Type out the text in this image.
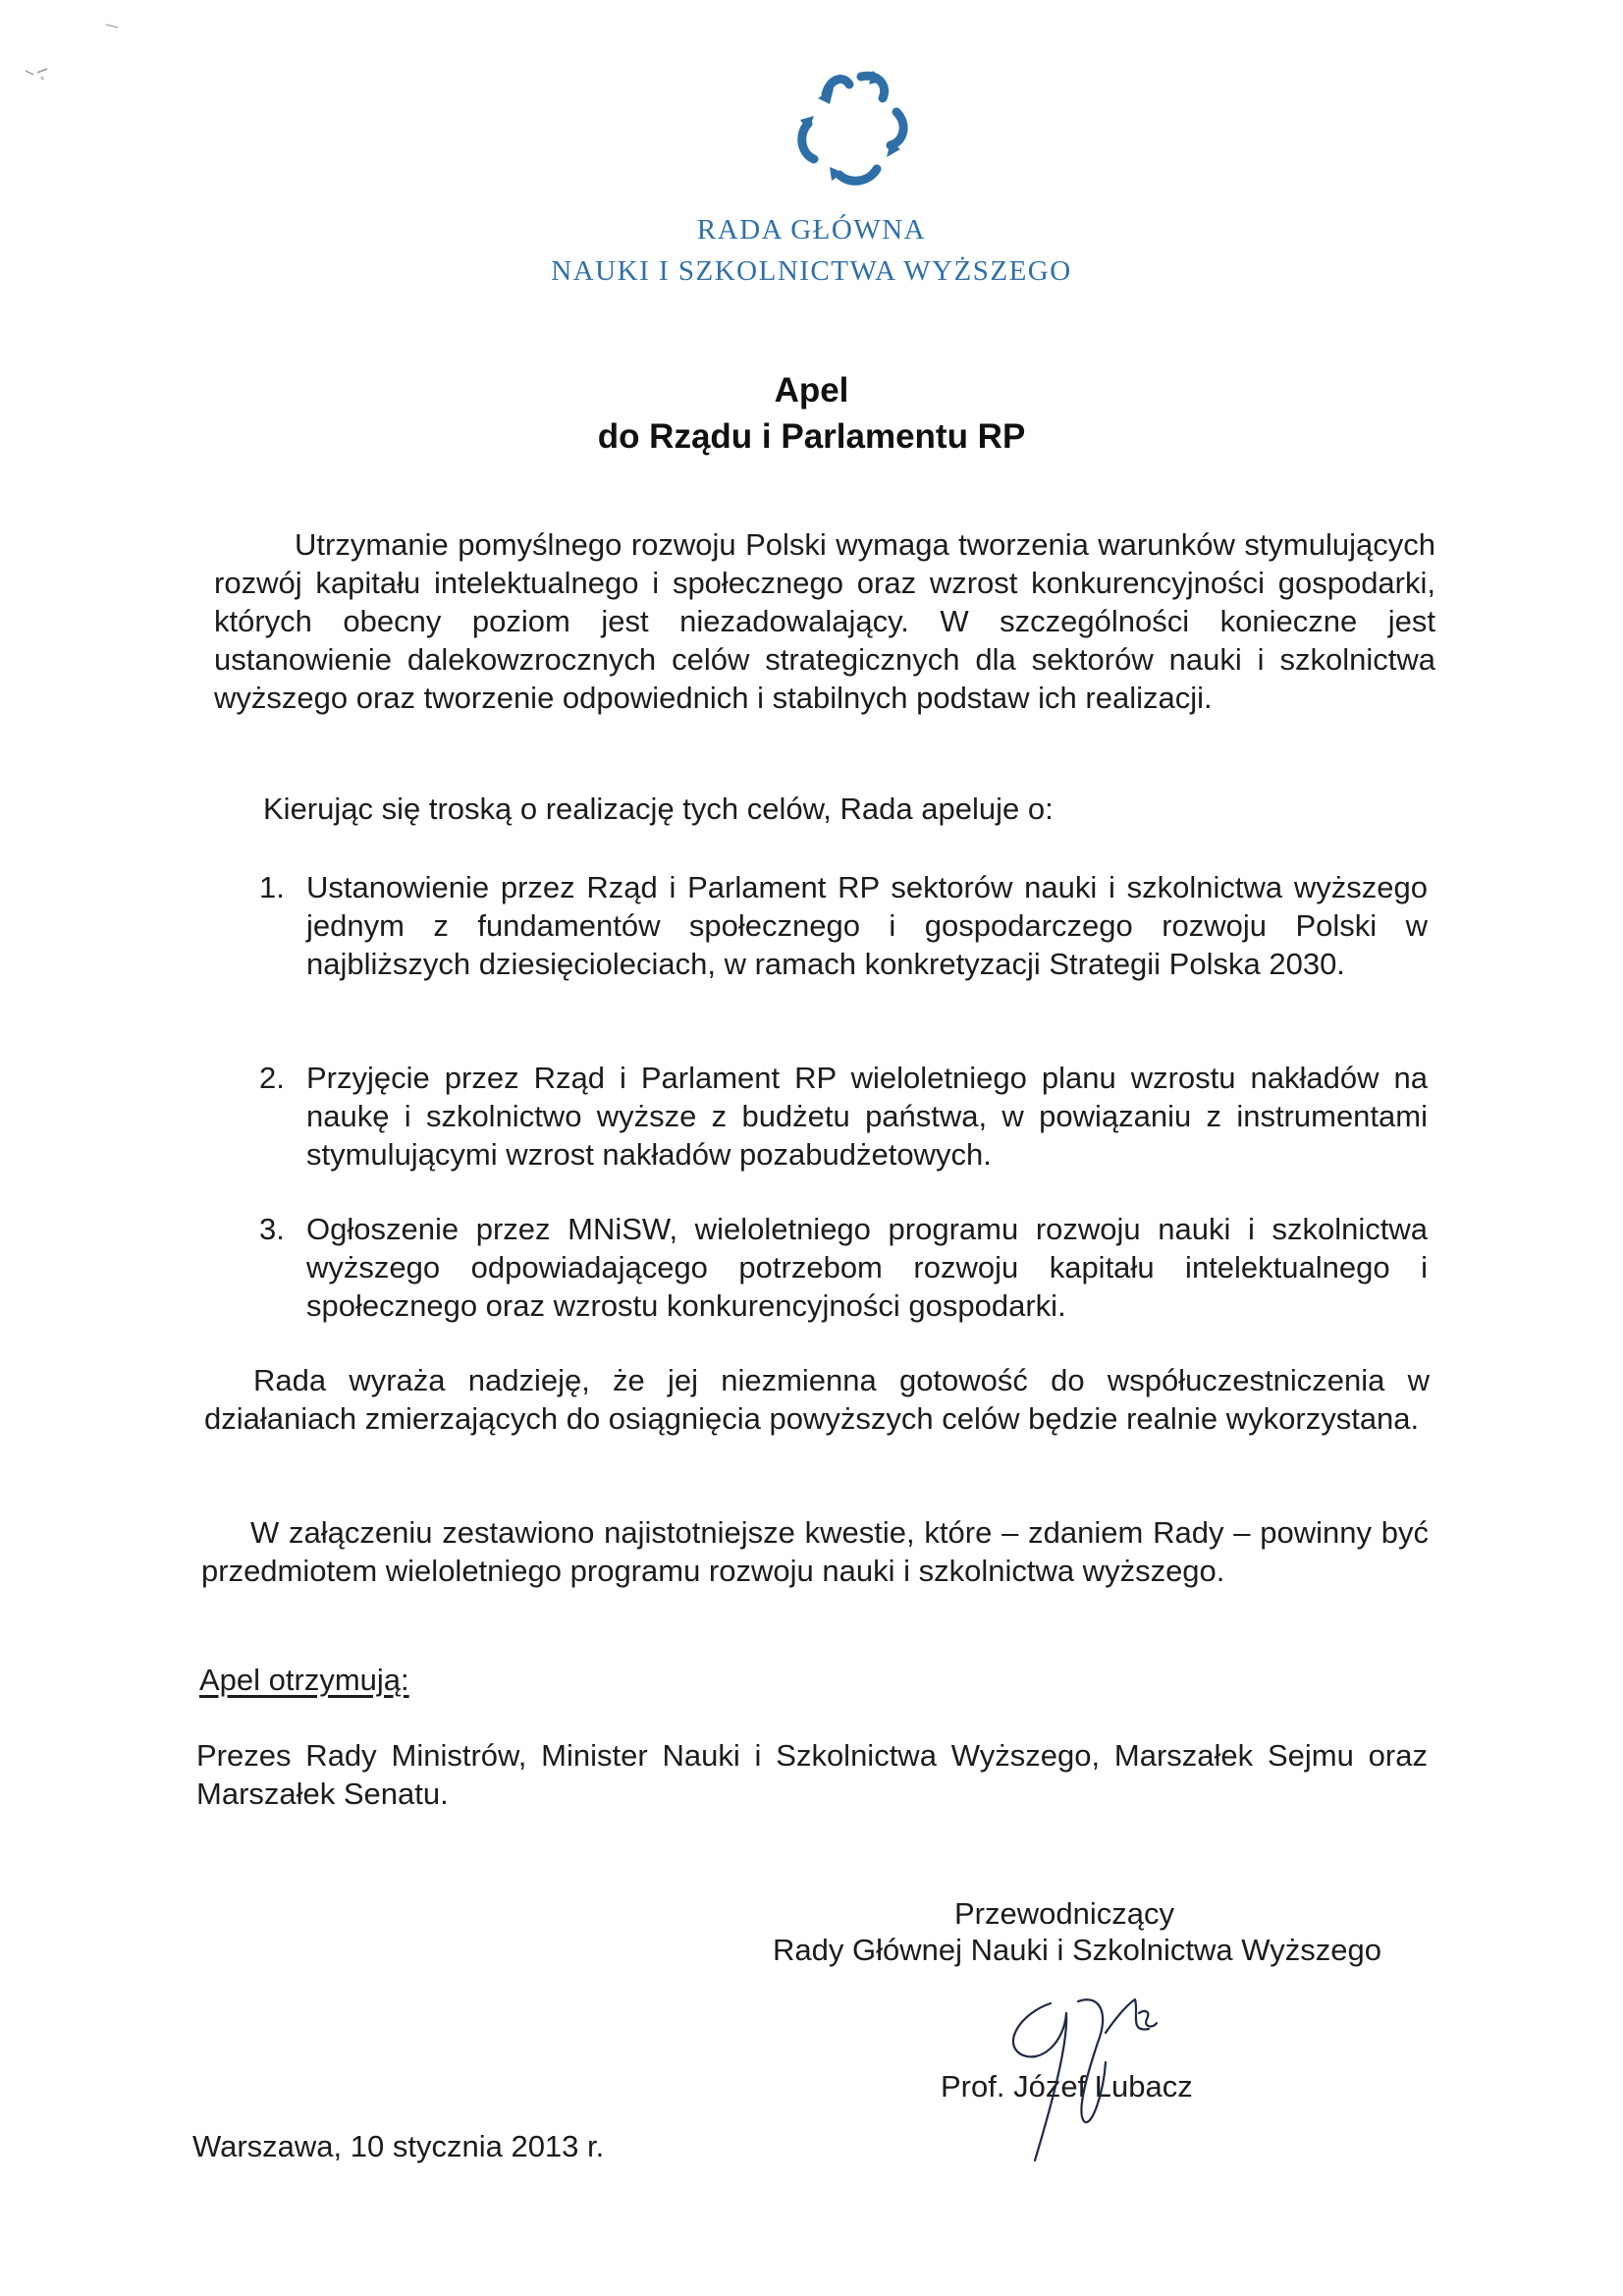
RADA GŁÓWNA
NAUKI I SZKOLNICTWA WYŻSZEGO
Apel
do Rządu i Parlamentu RP

Utrzymanie pomyślnego rozwoju Polski wymaga tworzenia warunków stymulujących rozwój kapitału intelektualnego i społecznego oraz wzrost konkurencyjności gospodarki, których obecny poziom jest niezadowalający. W szczególności konieczne jest ustanowienie dalekowzrocznych celów strategicznych dla sektorów nauki i szkolnictwa wyższego oraz tworzenie odpowiednich i stabilnych podstaw ich realizacji.

Kierując się troską o realizację tych celów, Rada apeluje o:

1. Ustanowienie przez Rząd i Parlament RP sektorów nauki i szkolnictwa wyższego jednym z fundamentów społecznego i gospodarczego rozwoju Polski w najbliższych dziesięcioleciach, w ramach konkretyzacji Strategii Polska 2030.
2. Przyjęcie przez Rząd i Parlament RP wieloletniego planu wzrostu nakładów na naukę i szkolnictwo wyższe z budżetu państwa, w powiązaniu z instrumentami stymulującymi wzrost nakładów pozabudżetowych.
3. Ogłoszenie przez MNiSW, wieloletniego programu rozwoju nauki i szkolnictwa wyższego odpowiadającego potrzebom rozwoju kapitału intelektualnego i społecznego oraz wzrostu konkurencyjności gospodarki.

Rada wyraża nadzieję, że jej niezmienna gotowość do współuczestniczenia w działaniach zmierzających do osiągnięcia powyższych celów będzie realnie wykorzystana.

W załączeniu zestawiono najistotniejsze kwestie, które – zdaniem Rady – powinny być przedmiotem wieloletniego programu rozwoju nauki i szkolnictwa wyższego.

Apel otrzymują:

Prezes Rady Ministrów, Minister Nauki i Szkolnictwa Wyższego, Marszałek Sejmu oraz Marszałek Senatu.

Przewodniczący
Rady Głównej Nauki i Szkolnictwa Wyższego
Prof. Józef Lubacz
Warszawa, 10 stycznia 2013 r.
